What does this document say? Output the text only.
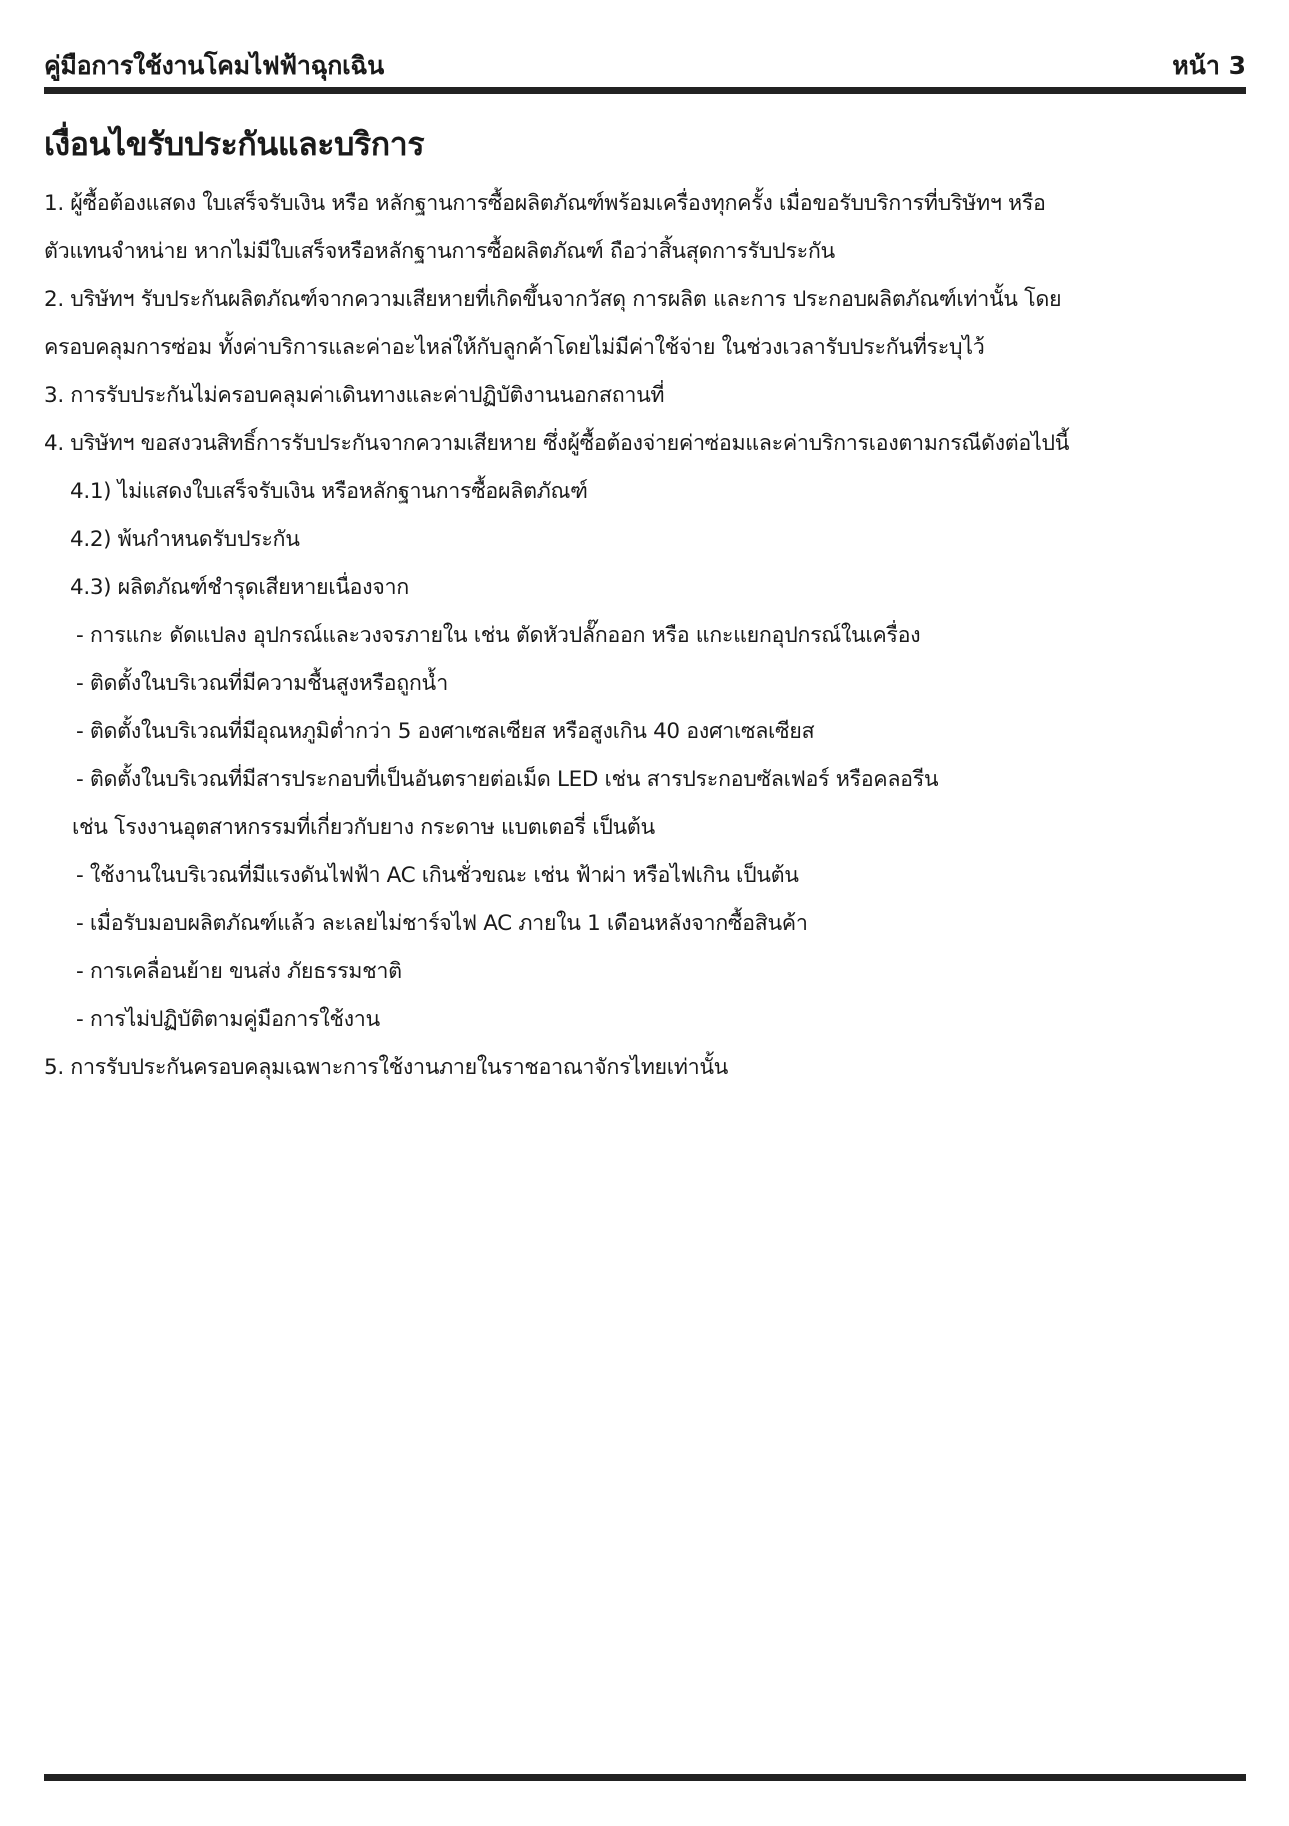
คู่มือการใช้งานโคมไฟฟ้าฉุกเฉิน	หน้า 3
เงื่อนไขรับประกันและบริการ
1. ผู้ซื้อต้องแสดง ใบเสร็จรับเงิน หรือ หลักฐานการซื้อผลิตภัณฑ์พร้อมเครื่องทุกครั้ง เมื่อขอรับบริการที่บริษัทฯ หรือ
ตัวแทนจำหน่าย หากไม่มีใบเสร็จหรือหลักฐานการซื้อผลิตภัณฑ์ ถือว่าสิ้นสุดการรับประกัน
2. บริษัทฯ รับประกันผลิตภัณฑ์จากความเสียหายที่เกิดขึ้นจากวัสดุ การผลิต และการ ประกอบผลิตภัณฑ์เท่านั้น โดย
ครอบคลุมการซ่อม ทั้งค่าบริการและค่าอะไหล่ให้กับลูกค้าโดยไม่มีค่าใช้จ่าย ในช่วงเวลารับประกันที่ระบุไว้
3. การรับประกันไม่ครอบคลุมค่าเดินทางและค่าปฏิบัติงานนอกสถานที่
4. บริษัทฯ ขอสงวนสิทธิ์การรับประกันจากความเสียหาย ซึ่งผู้ซื้อต้องจ่ายค่าซ่อมและค่าบริการเองตามกรณีดังต่อไปนี้
4.1) ไม่แสดงใบเสร็จรับเงิน หรือหลักฐานการซื้อผลิตภัณฑ์
4.2) พ้นกำหนดรับประกัน
4.3) ผลิตภัณฑ์ชำรุดเสียหายเนื่องจาก
- การแกะ ดัดแปลง อุปกรณ์และวงจรภายใน เช่น ตัดหัวปลั๊กออก หรือ แกะแยกอุปกรณ์ในเครื่อง
- ติดตั้งในบริเวณที่มีความชื้นสูงหรือถูกน้ำ
- ติดตั้งในบริเวณที่มีอุณหภูมิต่ำกว่า 5 องศาเซลเซียส หรือสูงเกิน 40 องศาเซลเซียส
- ติดตั้งในบริเวณที่มีสารประกอบที่เป็นอันตรายต่อเม็ด LED เช่น สารประกอบซัลเฟอร์ หรือคลอรีน
เช่น โรงงานอุตสาหกรรมที่เกี่ยวกับยาง กระดาษ แบตเตอรี่ เป็นต้น
- ใช้งานในบริเวณที่มีแรงดันไฟฟ้า AC เกินชั่วขณะ เช่น ฟ้าผ่า หรือไฟเกิน เป็นต้น
- เมื่อรับมอบผลิตภัณฑ์แล้ว ละเลยไม่ชาร์จไฟ AC ภายใน 1 เดือนหลังจากซื้อสินค้า
- การเคลื่อนย้าย ขนส่ง ภัยธรรมชาติ
- การไม่ปฏิบัติตามคู่มือการใช้งาน
5. การรับประกันครอบคลุมเฉพาะการใช้งานภายในราชอาณาจักรไทยเท่านั้น
